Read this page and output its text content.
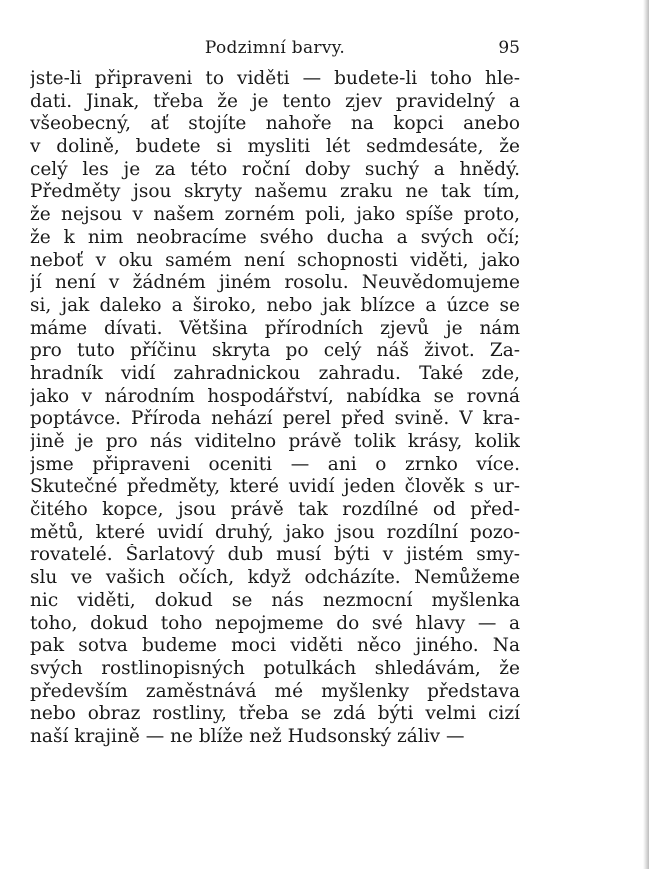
Podzimní barvy.	95
jste-li připraveni to viděti — budete-li toho hle-
dati. Jinak, třeba že je tento zjev pravidelný a
všeobecný, ať stojíte nahoře na kopci anebo
v dolině, budete si mysliti lét sedmdesáte, že
celý les je za této roční doby suchý a hnědý.
Předměty jsou skryty našemu zraku ne tak tím,
že nejsou v našem zorném poli, jako spíše proto,
že k nim neobracíme svého ducha a svých očí;
neboť v oku samém není schopnosti viděti, jako
jí není v žádném jiném rosolu. Neuvědomujeme
si, jak daleko a široko, nebo jak blízce a úzce se
máme dívati. Většina přírodních zjevů je nám
pro tuto příčinu skryta po celý náš život. Za-
hradník vidí zahradnickou zahradu. Také zde,
jako v národním hospodářství, nabídka se rovná
poptávce. Příroda nehází perel před svině. V kra-
jině je pro nás viditelno právě tolik krásy, kolik
jsme připraveni oceniti — ani o zrnko více.
Skutečné předměty, které uvidí jeden člověk s ur-
čitého kopce, jsou právě tak rozdílné od před-
mětů, které uvidí druhý, jako jsou rozdílní pozo-
rovatelé. Šarlatový dub musí býti v jistém smy-
slu ve vašich očích, když odcházíte. Nemůžeme
nic viděti, dokud se nás nezmocní myšlenka
toho, dokud toho nepojmeme do své hlavy — a
pak sotva budeme moci viděti něco jiného. Na
svých rostlinopisných potulkách shledávám, že
především zaměstnává mé myšlenky představa
nebo obraz rostliny, třeba se zdá býti velmi cizí
naší krajině — ne blíže než Hudsonský záliv —
